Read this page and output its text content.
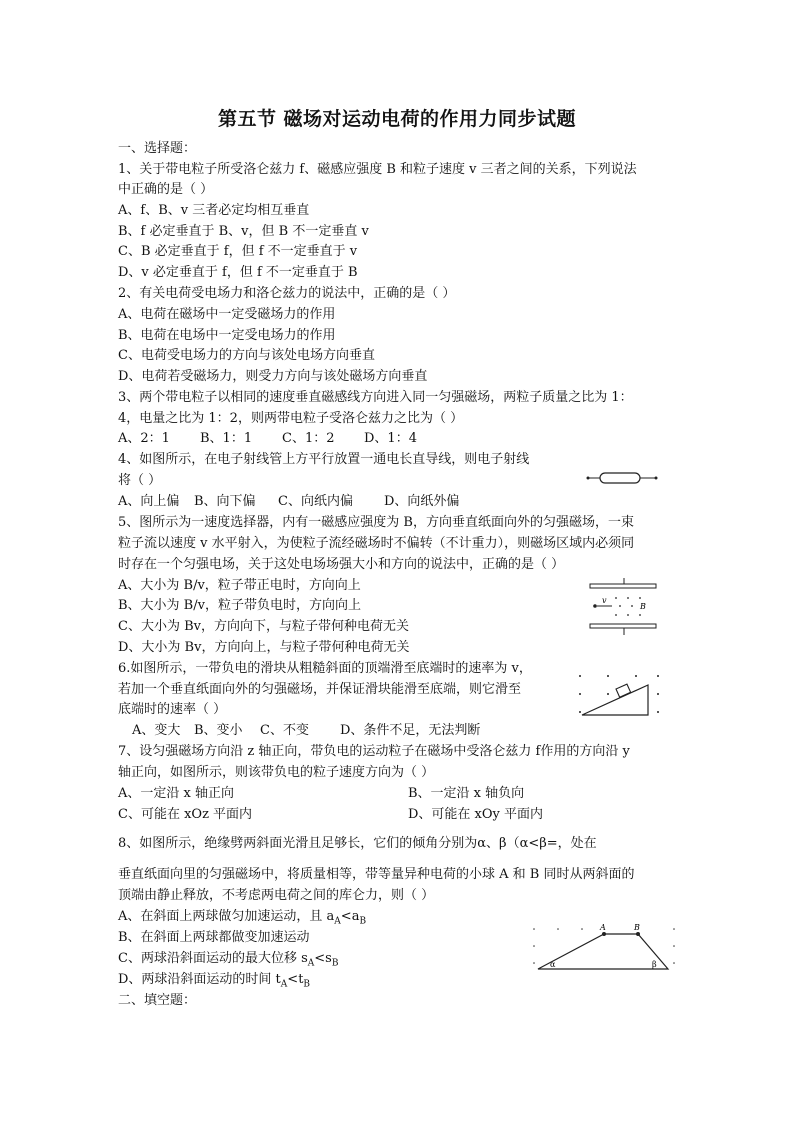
第五节 磁场对运动电荷的作用力同步试题
一、选择题：
1、关于带电粒子所受洛仑兹力 f、磁感应强度 B 和粒子速度 v 三者之间的关系，下列说法
中正确的是（ ）
A、f、B、v 三者必定均相互垂直
B、f 必定垂直于 B、v，但 B 不一定垂直 v
C、B 必定垂直于 f，但 f 不一定垂直于 v
D、v 必定垂直于 f，但 f 不一定垂直于 B
2、有关电荷受电场力和洛仑兹力的说法中，正确的是（ ）
A、电荷在磁场中一定受磁场力的作用
B、电荷在电场中一定受电场力的作用
C、电荷受电场力的方向与该处电场方向垂直
D、电荷若受磁场力，则受力方向与该处磁场方向垂直
3、两个带电粒子以相同的速度垂直磁感线方向进入同一匀强磁场，两粒子质量之比为 1：
4，电量之比为 1：2，则两带电粒子受洛仑兹力之比为（ ）
A、2：1 B、1：1 C、1：2 D、1：4
4、如图所示，在电子射线管上方平行放置一通电长直导线，则电子射线
将（ ）
A、向上偏 B、向下偏 C、向纸内偏 D、向纸外偏
5、图所示为一速度选择器，内有一磁感应强度为 B，方向垂直纸面向外的匀强磁场，一束
粒子流以速度 v 水平射入，为使粒子流经磁场时不偏转（不计重力），则磁场区域内必须同
时存在一个匀强电场，关于这处电场场强大小和方向的说法中，正确的是（ ）
A、大小为 B/v，粒子带正电时，方向向上
B、大小为 B/v，粒子带负电时，方向向上
C、大小为 Bv，方向向下，与粒子带何种电荷无关
D、大小为 Bv，方向向上，与粒子带何种电荷无关
v
B
6.如图所示，一带负电的滑块从粗糙斜面的顶端滑至底端时的速率为 v，
若加一个垂直纸面向外的匀强磁场，并保证滑块能滑至底端，则它滑至
底端时的速率（ ）
A、变大 B、变小 C、不变 D、条件不足，无法判断
7、设匀强磁场方向沿 z 轴正向，带负电的运动粒子在磁场中受洛仑兹力 f作用的方向沿 y
轴正向，如图所示，则该带负电的粒子速度方向为（ ）
A、一定沿 x 轴正向	B、一定沿 x 轴负向
C、可能在 xOz 平面内	D、可能在 xOy 平面内
8、如图所示，绝缘劈两斜面光滑且足够长，它们的倾角分别为α、β（α<β=，处在
垂直纸面向里的匀强磁场中，将质量相等，带等量异种电荷的小球 A 和 B 同时从两斜面的
顶端由静止释放，不考虑两电荷之间的库仑力，则（ ）
A、在斜面上两球做匀加速运动，且 $a_A<a_B$
B、在斜面上两球都做变加速运动
C、两球沿斜面运动的最大位移 $s_A<s_B$
D、两球沿斜面运动的时间 $t_A<t_B$
A	B
α	β
二、填空题：
